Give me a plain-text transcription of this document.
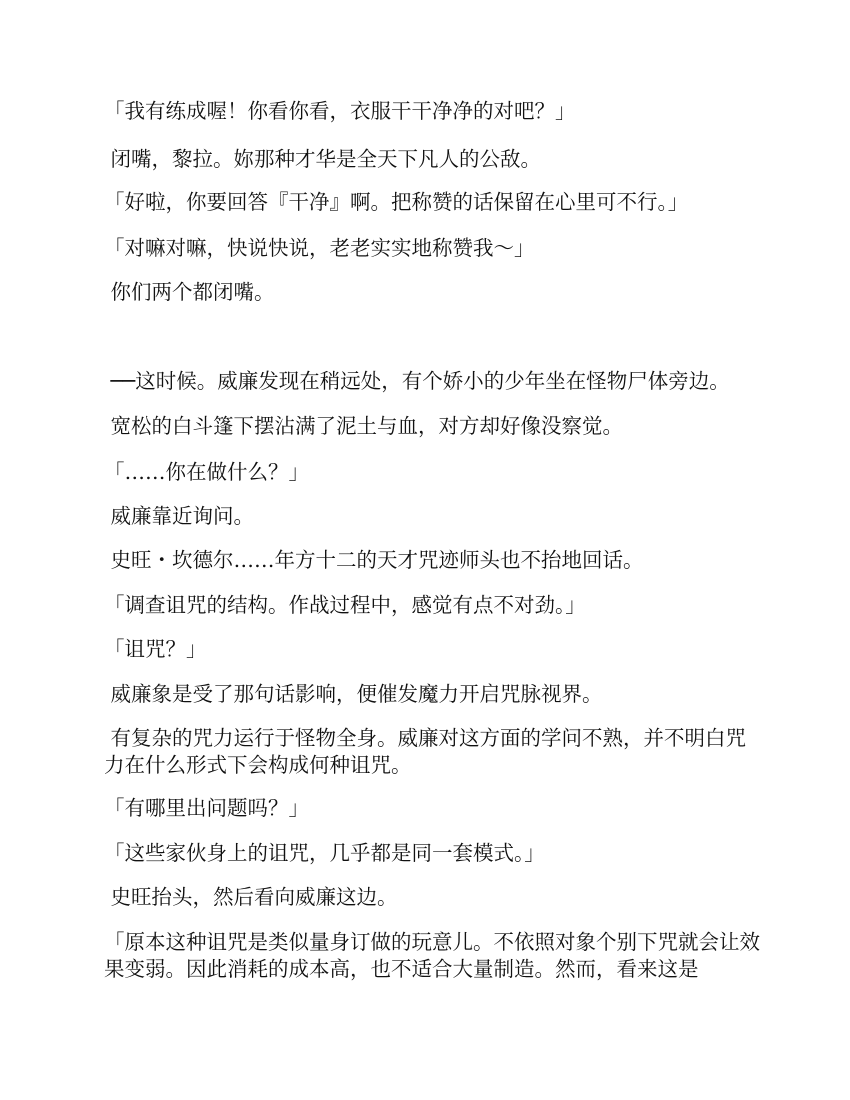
「我有练成喔！你看你看，衣服干干净净的对吧？」

闭嘴，黎拉。妳那种才华是全天下凡人的公敌。

「好啦，你要回答『干净』啊。把称赞的话保留在心里可不行。」

「对嘛对嘛，快说快说，老老实实地称赞我～」

你们两个都闭嘴。

──这时候。威廉发现在稍远处，有个娇小的少年坐在怪物尸体旁边。

宽松的白斗篷下摆沾满了泥土与血，对方却好像没察觉。

「……你在做什么？」

威廉靠近询问。

史旺・坎德尔……年方十二的天才咒迹师头也不抬地回话。

「调查诅咒的结构。作战过程中，感觉有点不对劲。」

「诅咒？」

威廉象是受了那句话影响，便催发魔力开启咒脉视界。

有复杂的咒力运行于怪物全身。威廉对这方面的学问不熟，并不明白咒力在什么形式下会构成何种诅咒。

「有哪里出问题吗？」

「这些家伙身上的诅咒，几乎都是同一套模式。」

史旺抬头，然后看向威廉这边。

「原本这种诅咒是类似量身订做的玩意儿。不依照对象个别下咒就会让效果变弱。因此消耗的成本高，也不适合大量制造。然而，看来这是
